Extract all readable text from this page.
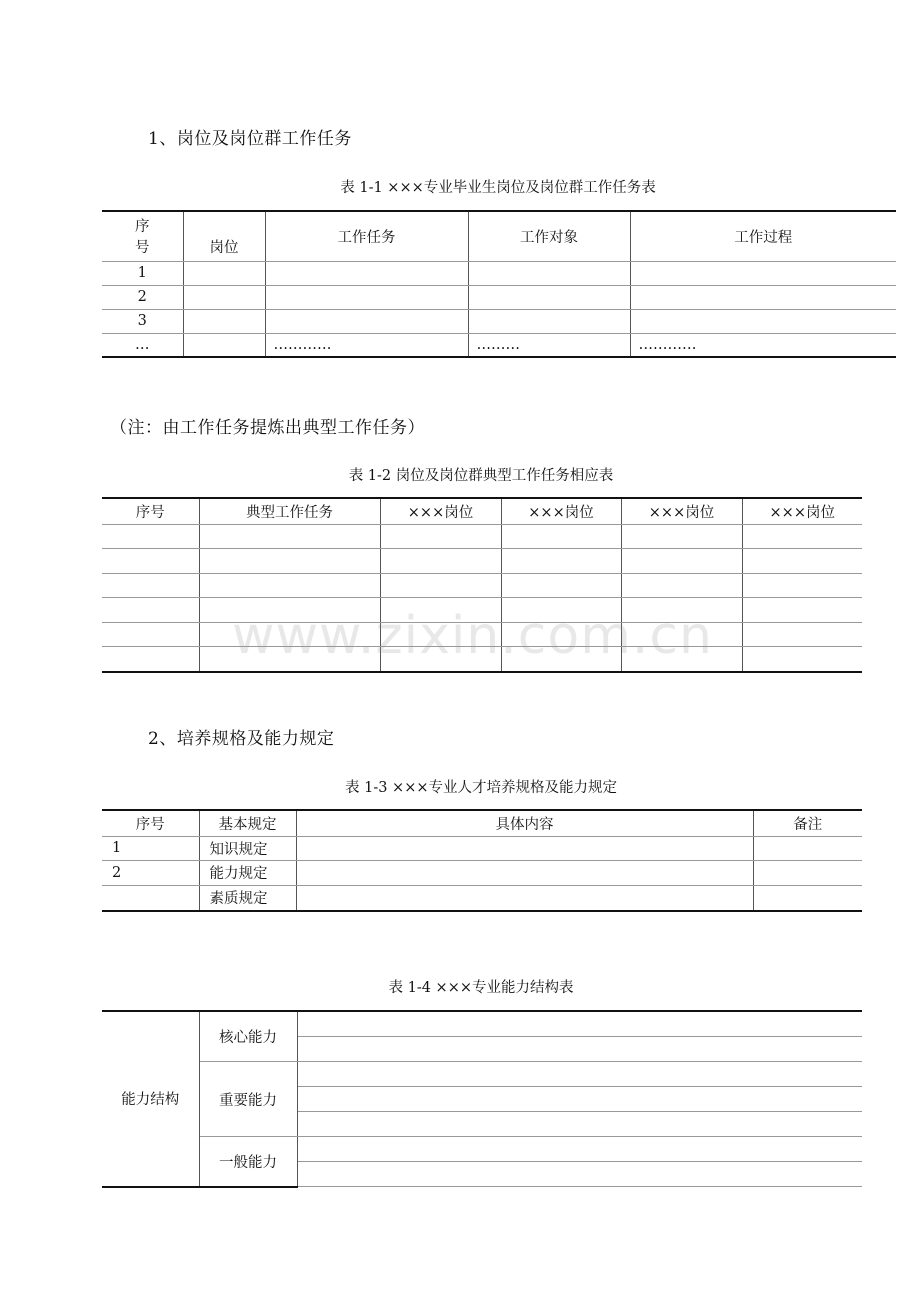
1、岗位及岗位群工作任务
表 1-1 ×××专业毕业生岗位及岗位群工作任务表
序
号	岗位	工作任务	工作对象	工作过程
1				
2				
3				
…		…………	………	…………
（注：由工作任务提炼出典型工作任务）
表 1-2 岗位及岗位群典型工作任务相应表
序号	典型工作任务	×××岗位	×××岗位	×××岗位	×××岗位

www.zixin.com.cn
2、培养规格及能力规定
表 1-3 ×××专业人才培养规格及能力规定
序号	基本规定	具体内容	备注
1	知识规定		
2	能力规定		
	素质规定		
表 1-4 ×××专业能力结构表
能力结构	核心能力	

	重要能力	

	一般能力	
